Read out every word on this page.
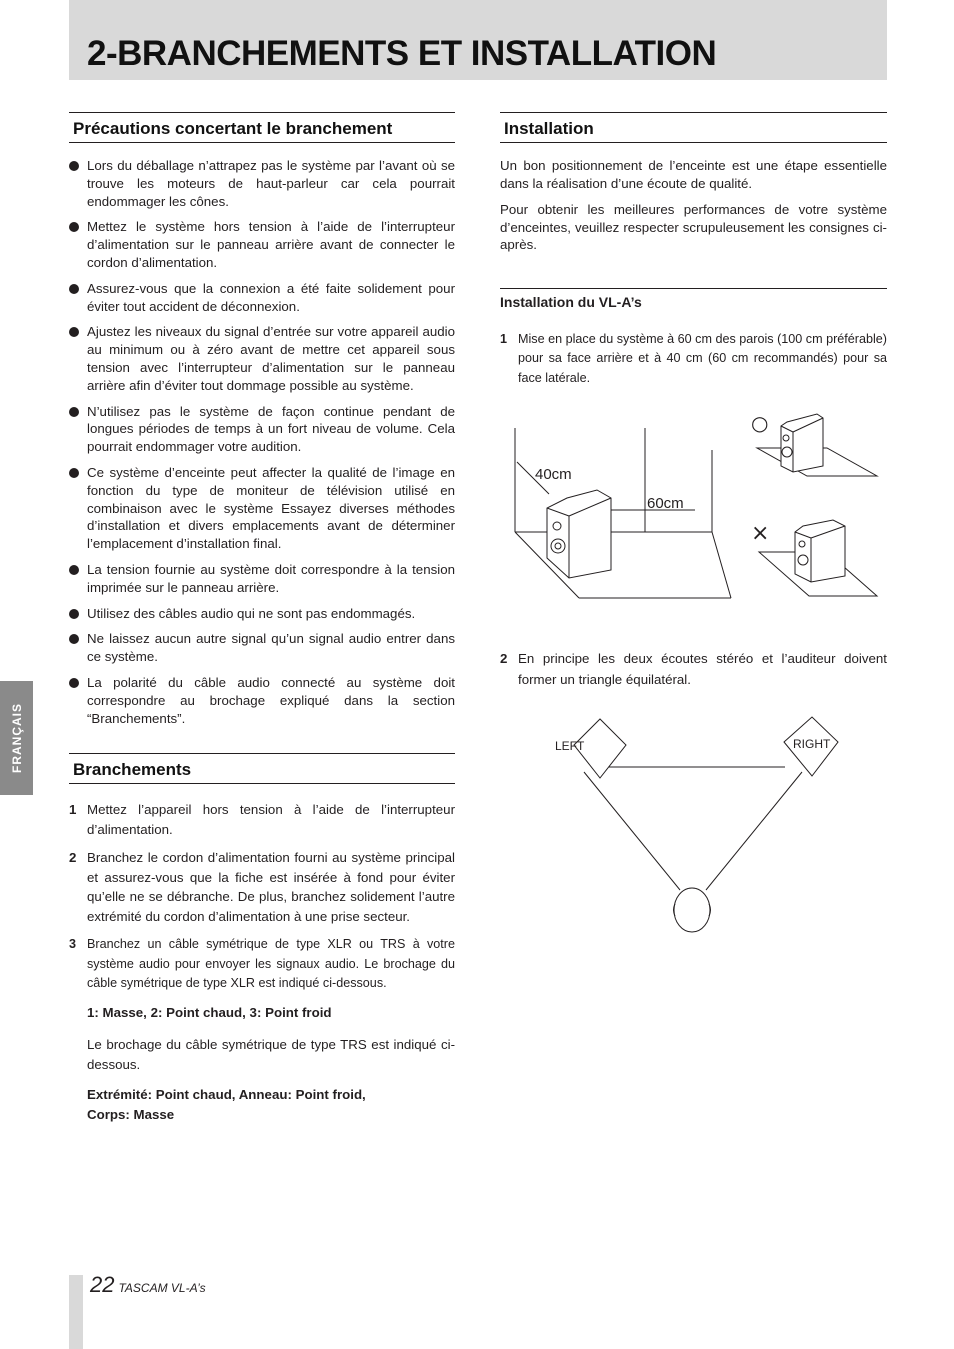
2-BRANCHEMENTS ET INSTALLATION
FRANÇAIS
Précautions concertant le branchement
Lors du déballage n’attrapez pas le système par l’avant où se trouve les moteurs de haut-parleur car cela pourrait endommager les cônes.
Mettez le système hors tension à l’aide de l’interrupteur d’alimentation sur le panneau arrière avant de connecter le cordon d’alimentation.
Assurez-vous que la connexion a été faite solidement pour éviter tout accident de déconnexion.
Ajustez les niveaux du signal d’entrée sur votre appareil audio au minimum ou à zéro avant de mettre cet appareil sous tension avec l’interrupteur d’alimentation sur le panneau arrière afin d’éviter tout dommage possible au système.
N’utilisez pas le système de façon continue pendant de longues périodes de temps à un fort niveau de volume. Cela pourrait endommager votre audition.
Ce système d’enceinte peut affecter la qualité de l’image en fonction du type de moniteur de télévision utilisé en combinaison avec le système Essayez diverses méthodes d’installation et divers emplacements avant de déterminer l’emplacement d’installation final.
La tension fournie au système doit correspondre à la tension imprimée sur le panneau arrière.
Utilisez des câbles audio qui ne sont pas endommagés.
Ne laissez aucun autre signal qu’un signal audio entrer dans ce système.
La polarité du câble audio connecté au système doit correspondre au brochage expliqué dans la section “Branchements”.
Branchements
1 Mettez l’appareil hors tension à l’aide de l’interrupteur d’alimentation.
2 Branchez le cordon d’alimentation fourni au système principal et assurez-vous que la fiche est insérée à fond pour éviter qu’elle ne se débranche. De plus, branchez solidement l’autre extrémité du cordon d’alimentation à une prise secteur.
3 Branchez un câble symétrique de type XLR ou TRS à votre système audio pour envoyer les signaux audio. Le brochage du câble symétrique de type XLR est indiqué ci-dessous.
1: Masse, 2: Point chaud, 3: Point froid
Le brochage du câble symétrique de type TRS est indiqué ci-dessous.
Extrémité: Point chaud, Anneau: Point froid,
Corps: Masse
Installation

Un bon positionnement de l’enceinte est une étape essentielle dans la réalisation d’une écoute de qualité.

Pour obtenir les meilleures performances de votre système d’enceintes, veuillez respecter scrupuleusement les consignes ci-après.

Installation du VL-A’s
1 Mise en place du système à 60 cm des parois (100 cm préférable) pour sa face arrière et à 40 cm (60 cm recommandés) pour sa face latérale.
40cm
60cm
○
×
2 En principe les deux écoutes stéréo et l’auditeur doivent former un triangle équilatéral.
LEFT	RIGHT
22 TASCAM VL-A’s
